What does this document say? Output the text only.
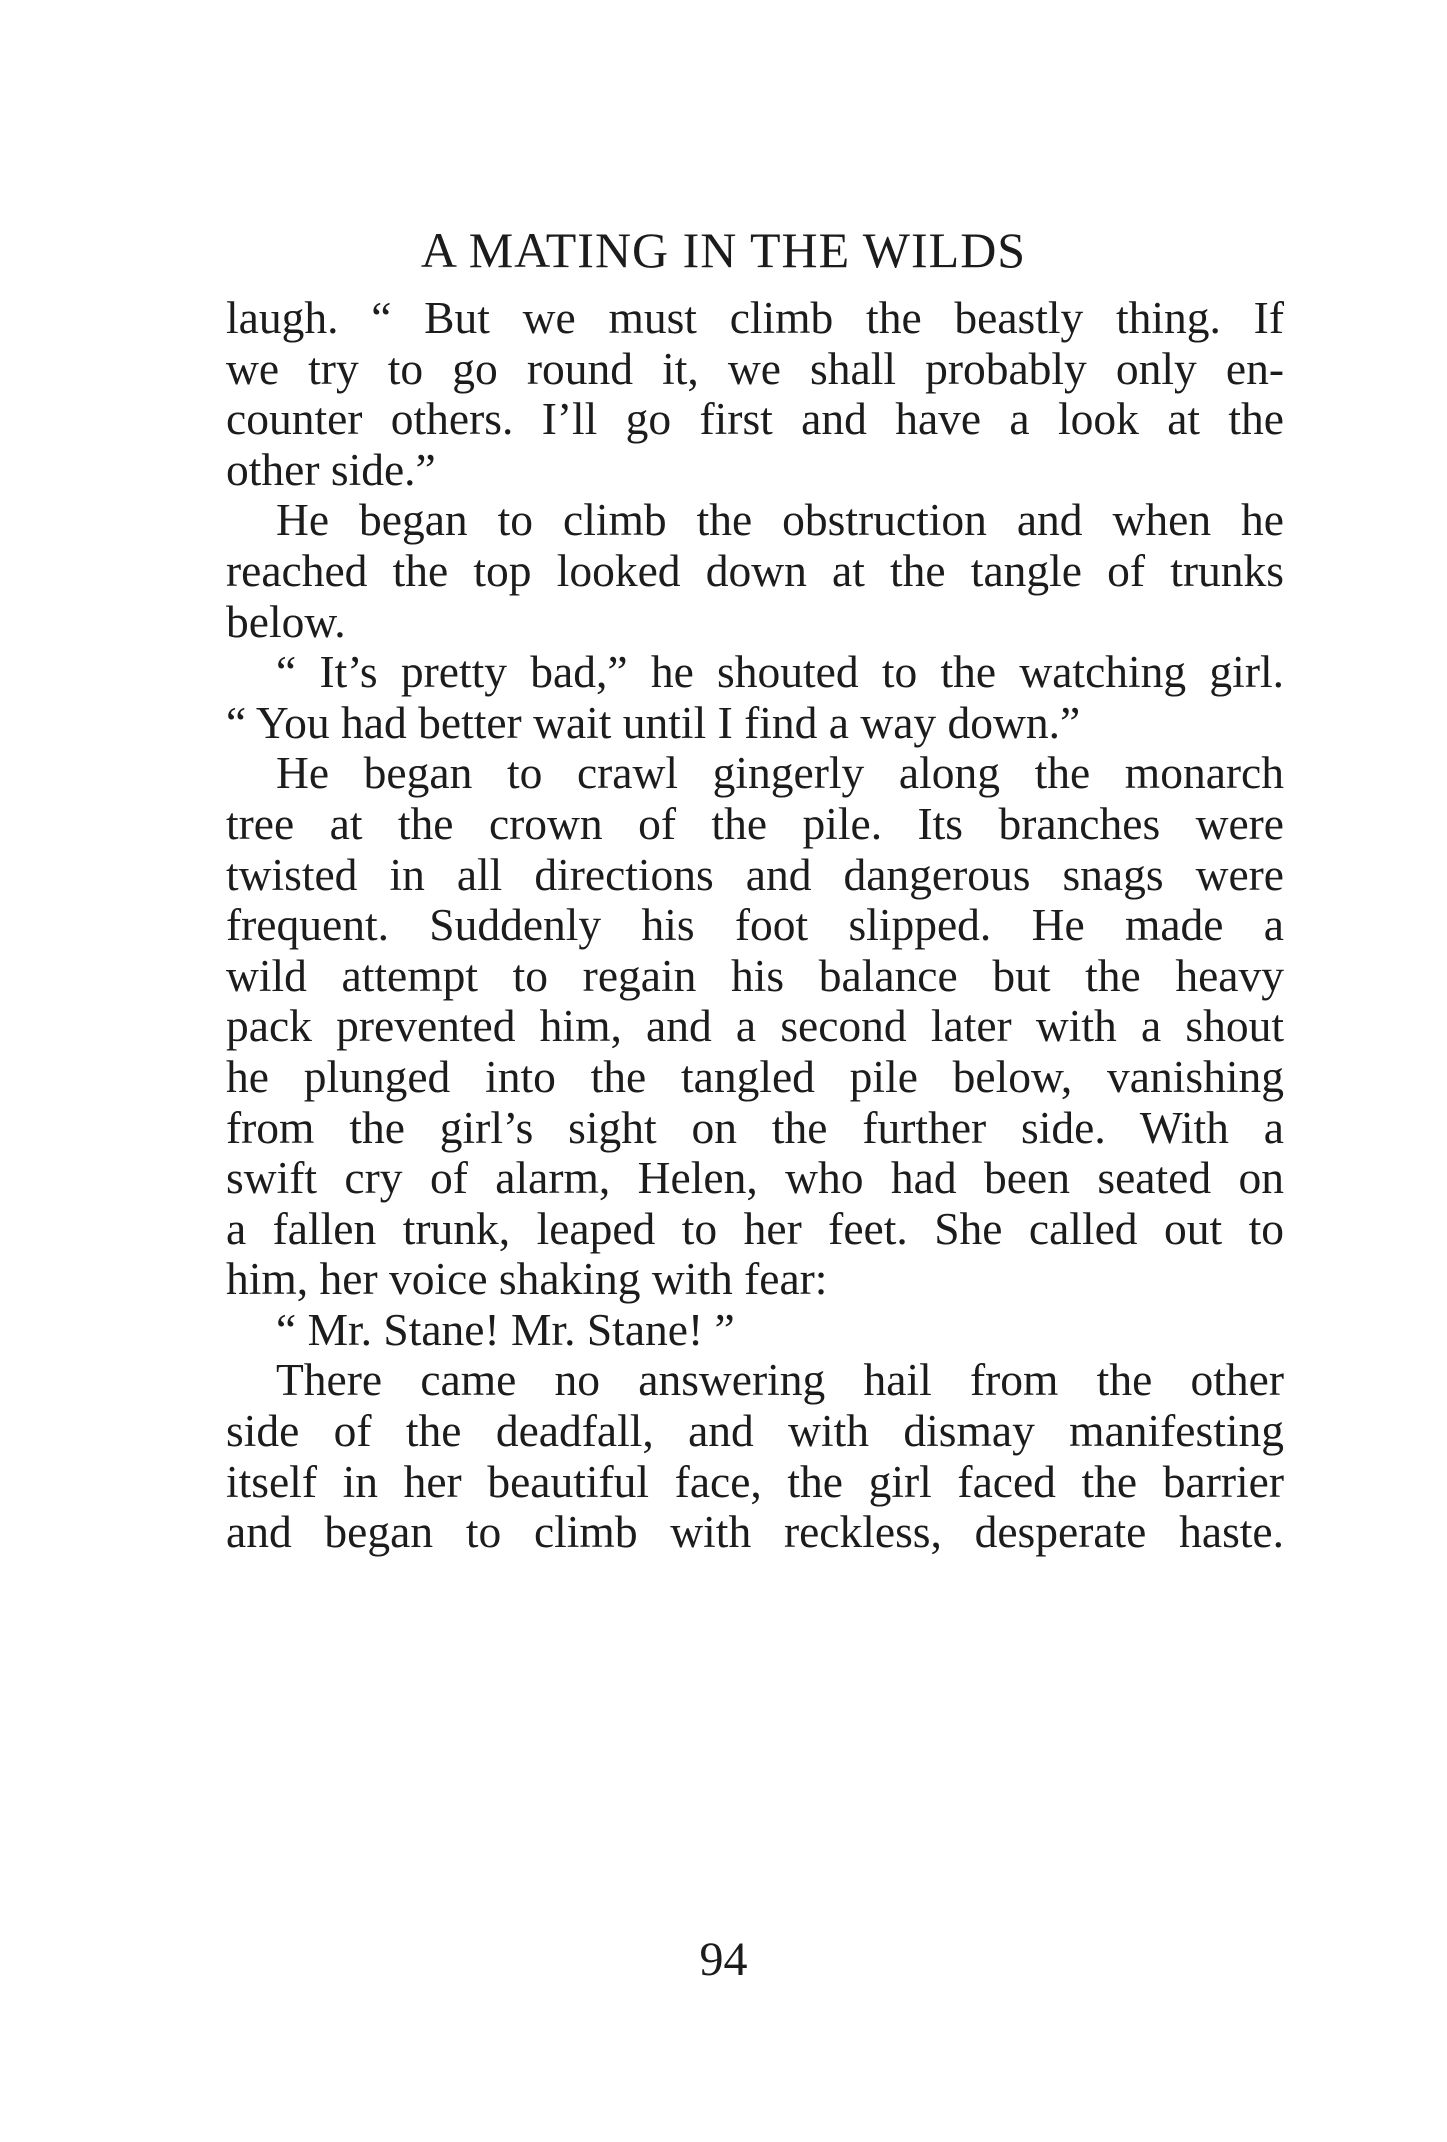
A MATING IN THE WILDS
laugh. “ But we must climb the beastly thing. If
we try to go round it, we shall probably only en-
counter others. I’ll go first and have a look at the
other side.”
He began to climb the obstruction and when he
reached the top looked down at the tangle of trunks
below.
“ It’s pretty bad,” he shouted to the watching girl.
“ You had better wait until I find a way down.”
He began to crawl gingerly along the monarch
tree at the crown of the pile. Its branches were
twisted in all directions and dangerous snags were
frequent. Suddenly his foot slipped. He made a
wild attempt to regain his balance but the heavy
pack prevented him, and a second later with a shout
he plunged into the tangled pile below, vanishing
from the girl’s sight on the further side. With a
swift cry of alarm, Helen, who had been seated on
a fallen trunk, leaped to her feet. She called out to
him, her voice shaking with fear:
“ Mr. Stane! Mr. Stane! ”
There came no answering hail from the other
side of the deadfall, and with dismay manifesting
itself in her beautiful face, the girl faced the barrier
and began to climb with reckless, desperate haste.
94
